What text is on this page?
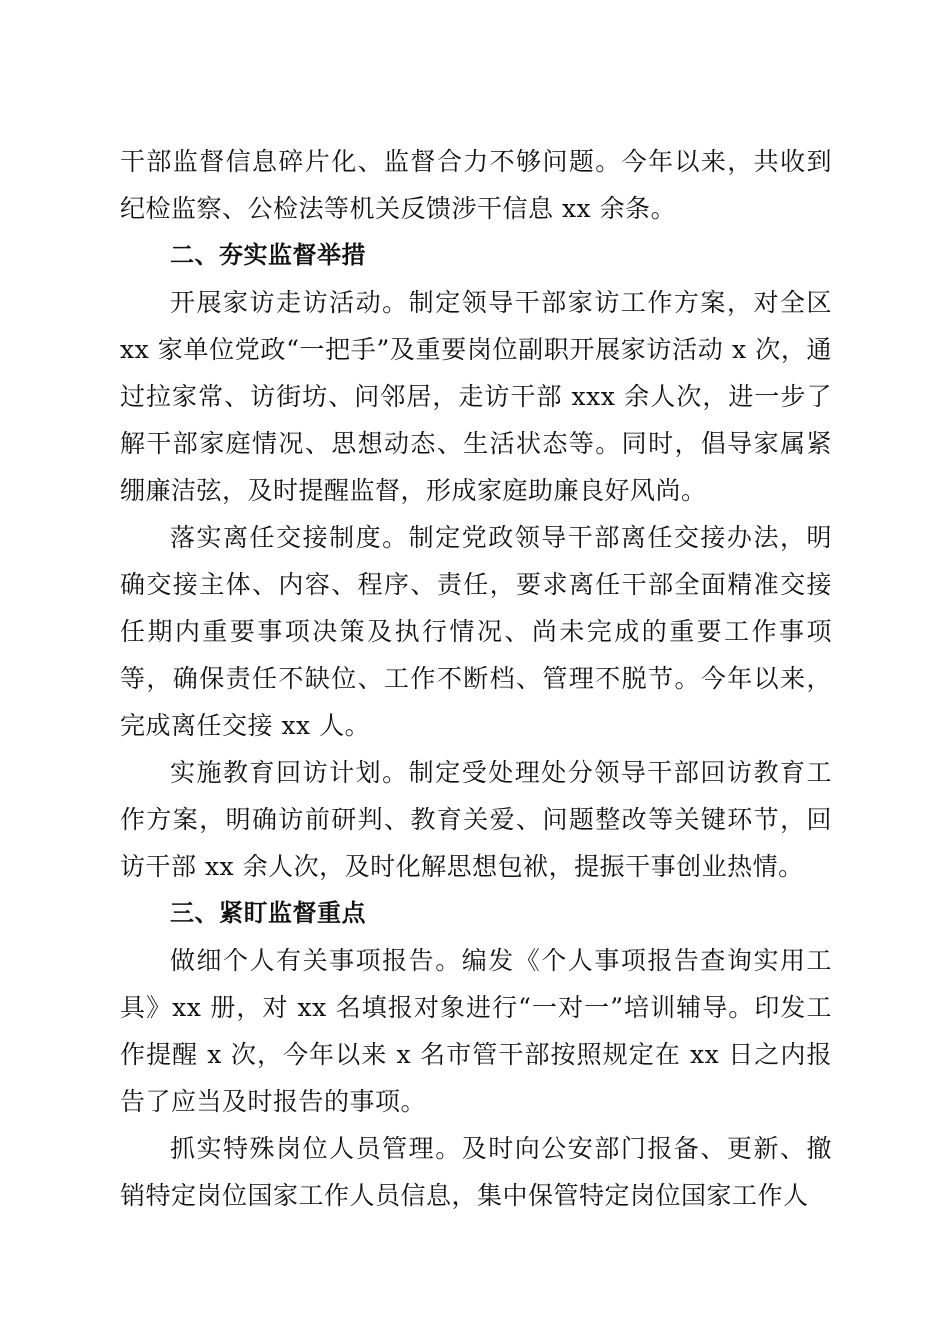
干部监督信息碎片化、监督合力不够问题。今年以来，共收到纪检监察、公检法等机关反馈涉干信息 xx 余条。

二、夯实监督举措

开展家访走访活动。制定领导干部家访工作方案，对全区 xx 家单位党政“一把手”及重要岗位副职开展家访活动 x 次，通过拉家常、访街坊、问邻居，走访干部 xxx 余人次，进一步了解干部家庭情况、思想动态、生活状态等。同时，倡导家属紧绷廉洁弦，及时提醒监督，形成家庭助廉良好风尚。

落实离任交接制度。制定党政领导干部离任交接办法，明确交接主体、内容、程序、责任，要求离任干部全面精准交接任期内重要事项决策及执行情况、尚未完成的重要工作事项等，确保责任不缺位、工作不断档、管理不脱节。今年以来，完成离任交接 xx 人。

实施教育回访计划。制定受处理处分领导干部回访教育工作方案，明确访前研判、教育关爱、问题整改等关键环节，回访干部 xx 余人次，及时化解思想包袱，提振干事创业热情。

三、紧盯监督重点

做细个人有关事项报告。编发《个人事项报告查询实用工具》xx 册，对 xx 名填报对象进行“一对一”培训辅导。印发工作提醒 x 次，今年以来 x 名市管干部按照规定在 xx 日之内报告了应当及时报告的事项。

抓实特殊岗位人员管理。及时向公安部门报备、更新、撤销特定岗位国家工作人员信息，集中保管特定岗位国家工作人
